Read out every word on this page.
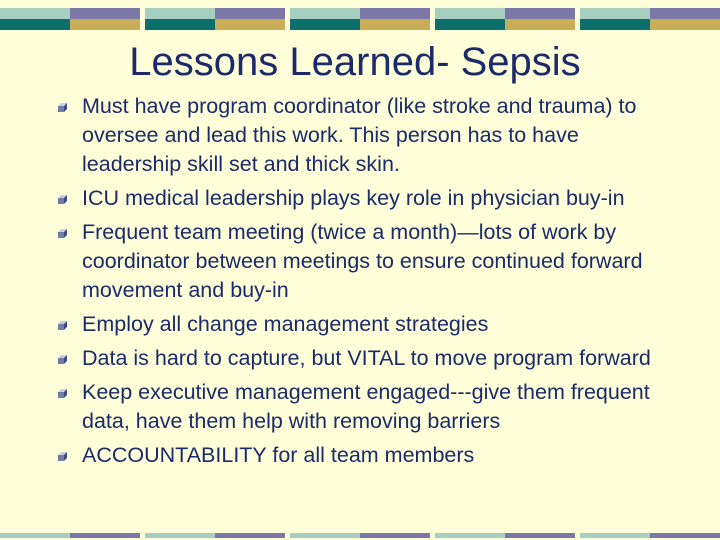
Lessons Learned- Sepsis
Must have program coordinator (like stroke and trauma) to oversee and lead this work. This person has to have leadership skill set and thick skin.
ICU medical leadership plays key role in physician buy-in
Frequent team meeting (twice a month)—lots of work by coordinator between meetings to ensure continued forward movement and buy-in
Employ all change management strategies
Data is hard to capture, but VITAL to move program forward
Keep executive management engaged---give them frequent data, have them help with removing barriers
ACCOUNTABILITY for all team members
